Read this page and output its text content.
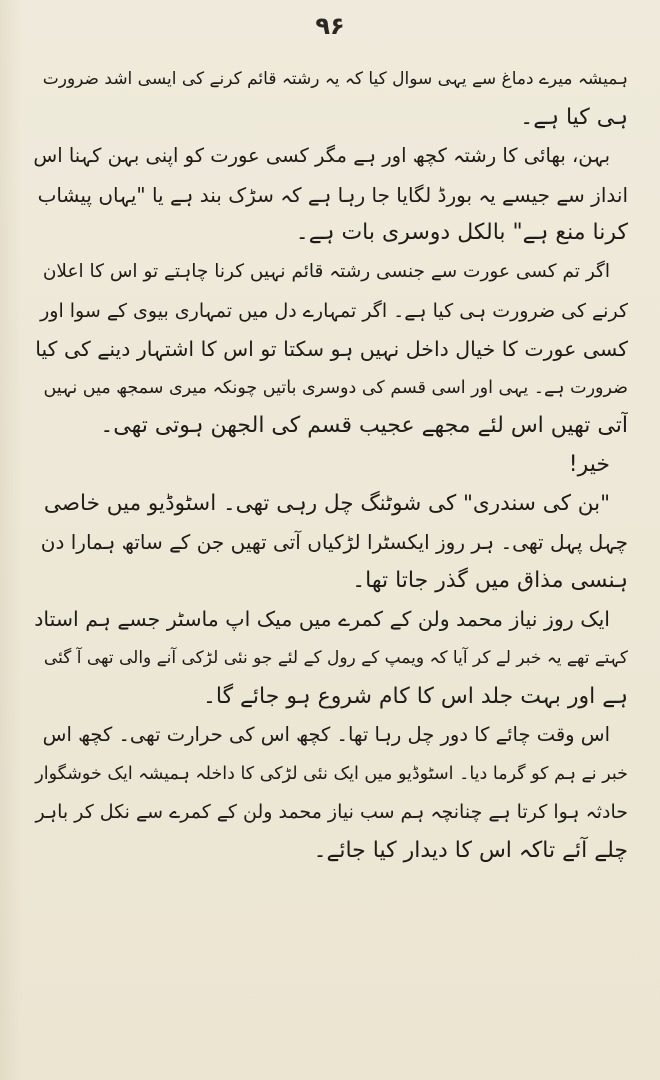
۹۶
ہمیشہ میرے دماغ سے یہی سوال کیا کہ یہ رشتہ قائم کرنے کی ایسی اشد ضرورت
ہی کیا ہے۔
بہن، بھائی کا رشتہ کچھ اور ہے مگر کسی عورت کو اپنی بہن کہنا اس
انداز سے جیسے یہ بورڈ لگایا جا رہا ہے کہ سڑک بند ہے یا "یہاں پیشاب
کرنا منع ہے" بالکل دوسری بات ہے۔
اگر تم کسی عورت سے جنسی رشتہ قائم نہیں کرنا چاہتے تو اس کا اعلان
کرنے کی ضرورت ہی کیا ہے۔ اگر تمہارے دل میں تمہاری بیوی کے سوا اور
کسی عورت کا خیال داخل نہیں ہو سکتا تو اس کا اشتہار دینے کی کیا
ضرورت ہے۔ یہی اور اسی قسم کی دوسری باتیں چونکہ میری سمجھ میں نہیں
آتی تھیں اس لئے مجھے عجیب قسم کی الجھن ہوتی تھی۔
خیر!
"بن کی سندری" کی شوٹنگ چل رہی تھی۔ اسٹوڈیو میں خاصی
چہل پہل تھی۔ ہر روز ایکسٹرا لڑکیاں آتی تھیں جن کے ساتھ ہمارا دن
ہنسی مذاق میں گذر جاتا تھا۔
ایک روز نیاز محمد ولن کے کمرے میں میک اپ ماسٹر جسے ہم استاد
کہتے تھے یہ خبر لے کر آیا کہ ویمپ کے رول کے لئے جو نئی لڑکی آنے والی تھی آ گئی
ہے اور بہت جلد اس کا کام شروع ہو جائے گا۔
اس وقت چائے کا دور چل رہا تھا۔ کچھ اس کی حرارت تھی۔ کچھ اس
خبر نے ہم کو گرما دیا۔ اسٹوڈیو میں ایک نئی لڑکی کا داخلہ ہمیشہ ایک خوشگوار
حادثہ ہوا کرتا ہے چنانچہ ہم سب نیاز محمد ولن کے کمرے سے نکل کر باہر
چلے آئے تاکہ اس کا دیدار کیا جائے۔
